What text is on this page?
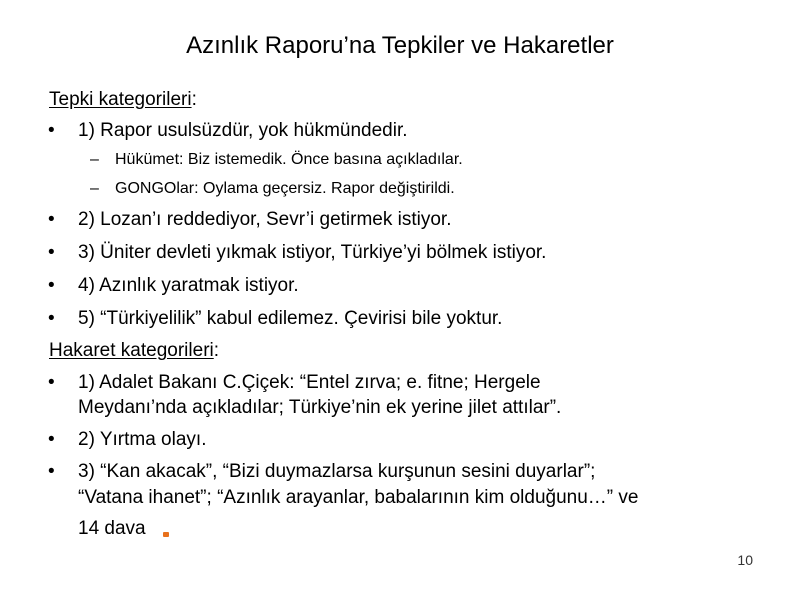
Azınlık Raporu’na Tepkiler ve Hakaretler
Tepki kategorileri:
• 1) Rapor usulsüzdür, yok hükmündedir.
– Hükümet: Biz istemedik. Önce basına açıkladılar.
– GONGOlar: Oylama geçersiz. Rapor değiştirildi.
• 2) Lozan’ı reddediyor, Sevr’i getirmek istiyor.
• 3) Üniter devleti yıkmak istiyor, Türkiye’yi bölmek istiyor.
• 4) Azınlık yaratmak istiyor.
• 5) “Türkiyelilik” kabul edilemez. Çevirisi bile yoktur.
Hakaret kategorileri:
• 1) Adalet Bakanı C.Çiçek: “Entel zırva; e. fitne; Hergele
Meydanı’nda açıkladılar; Türkiye’nin ek yerine jilet attılar”.
• 2) Yırtma olayı.
• 3) “Kan akacak”, “Bizi duymazlarsa kurşunun sesini duyarlar”;
“Vatana ihanet”; “Azınlık arayanlar, babalarının kim olduğunu…” ve
14 dava
10
